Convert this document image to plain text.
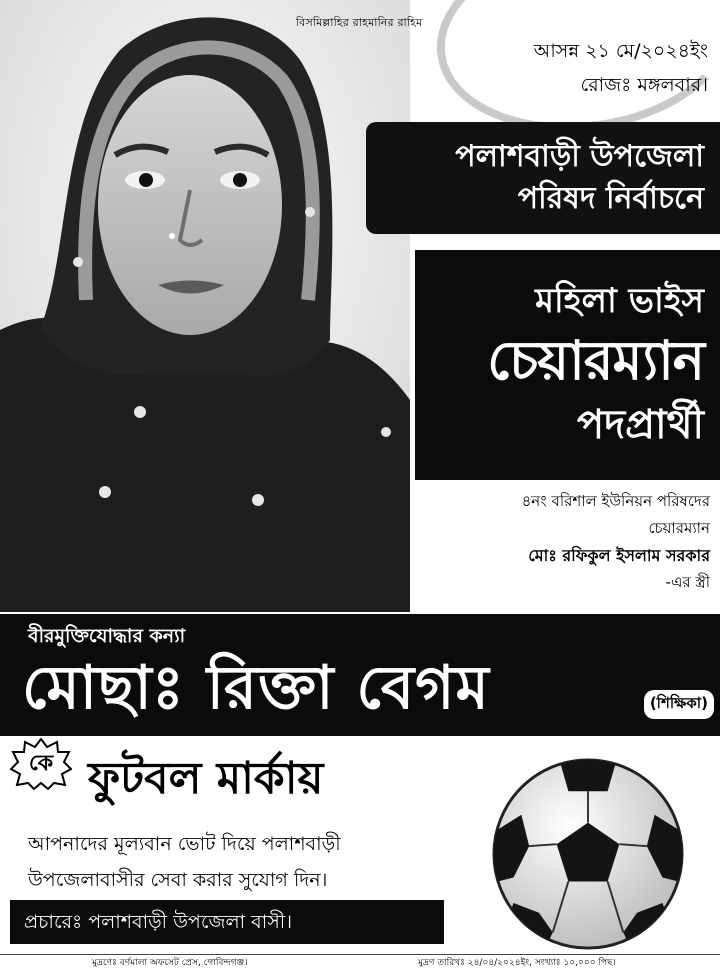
বিসমিল্লাহির রাহমানির রাহিম
আসন্ন ২১ মে/২০২৪ইং
রোজঃ মঙ্গলবার।
পলাশবাড়ী উপজেলা
পরিষদ নির্বাচনে
মহিলা ভাইস
চেয়ারম্যান
পদপ্রার্থী
৪নং বরিশাল ইউনিয়ন পরিষদের
চেয়ারম্যান
মোঃ রফিকুল ইসলাম সরকার
-এর স্ত্রী
বীরমুক্তিযোদ্ধার কন্যা
মোছাঃ রিক্তা বেগম	(শিক্ষিকা)
কে ফুটবল মার্কায়
আপনাদের মূল্যবান ভোট দিয়ে পলাশবাড়ী
উপজেলাবাসীর সেবা করার সুযোগ দিন।
প্রচারেঃ পলাশবাড়ী উপজেলা বাসী।
মুদ্রণেঃ বর্ণমালা অফসেট প্রেস, গোবিন্দগঞ্জ।	মুদ্রণ তারিখঃ ২৪/০৪/২০২৪ইং, সংখ্যাঃ ১০,০০০ পিছ।
